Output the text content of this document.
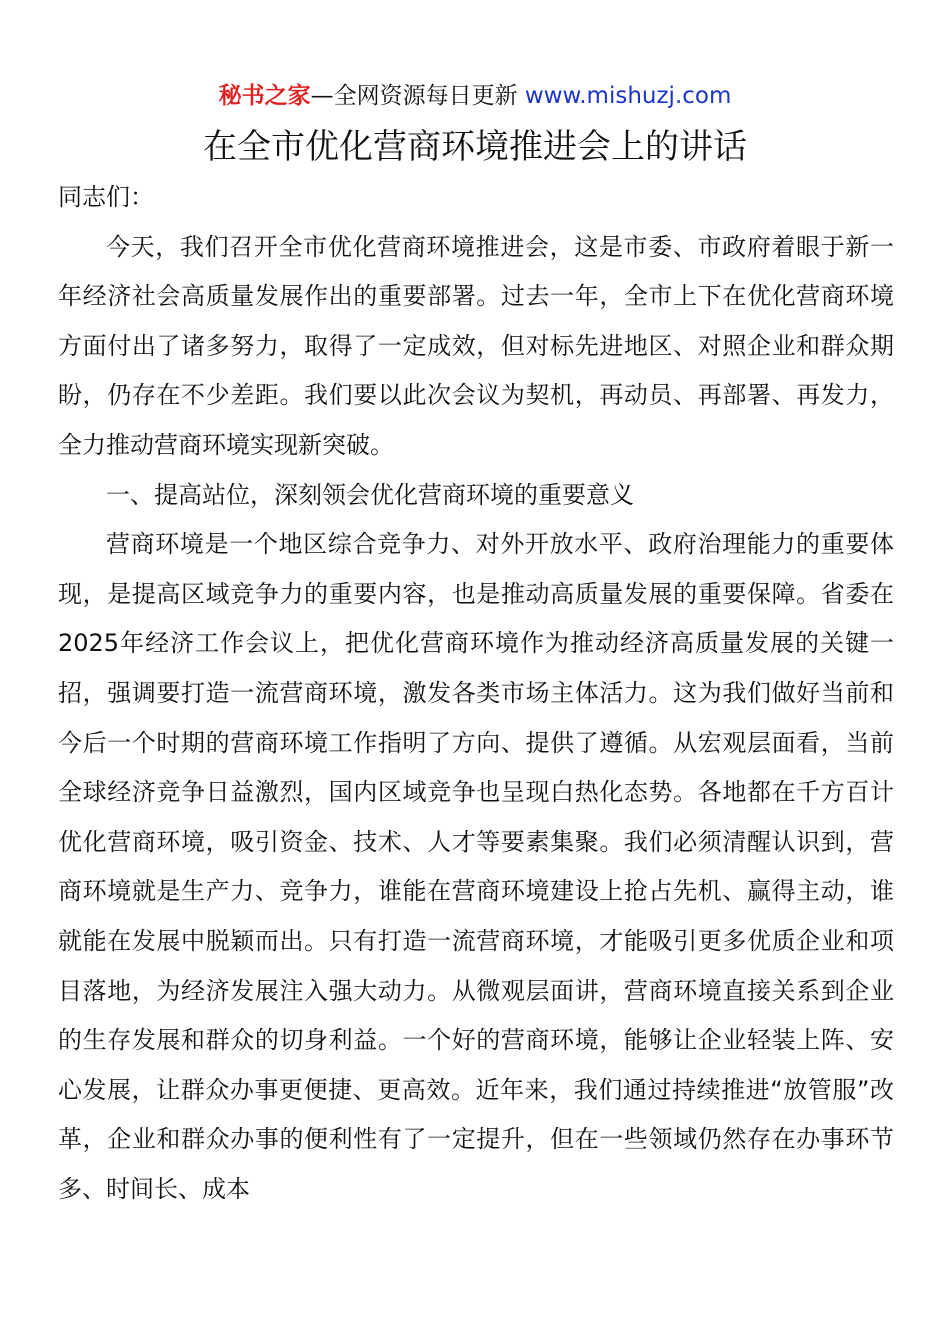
秘书之家—全网资源每日更新 www.mishuzj.com
在全市优化营商环境推进会上的讲话

同志们：

今天，我们召开全市优化营商环境推进会，这是市委、市政府着眼于新一年经济社会高质量发展作出的重要部署。过去一年，全市上下在优化营商环境方面付出了诸多努力，取得了一定成效，但对标先进地区、对照企业和群众期盼，仍存在不少差距。我们要以此次会议为契机，再动员、再部署、再发力，全力推动营商环境实现新突破。

一、提高站位，深刻领会优化营商环境的重要意义

营商环境是一个地区综合竞争力、对外开放水平、政府治理能力的重要体现，是提高区域竞争力的重要内容，也是推动高质量发展的重要保障。省委在2025年经济工作会议上，把优化营商环境作为推动经济高质量发展的关键一招，强调要打造一流营商环境，激发各类市场主体活力。这为我们做好当前和今后一个时期的营商环境工作指明了方向、提供了遵循。从宏观层面看，当前全球经济竞争日益激烈，国内区域竞争也呈现白热化态势。各地都在千方百计优化营商环境，吸引资金、技术、人才等要素集聚。我们必须清醒认识到，营商环境就是生产力、竞争力，谁能在营商环境建设上抢占先机、赢得主动，谁就能在发展中脱颖而出。只有打造一流营商环境，才能吸引更多优质企业和项目落地，为经济发展注入强大动力。从微观层面讲，营商环境直接关系到企业的生存发展和群众的切身利益。一个好的营商环境，能够让企业轻装上阵、安心发展，让群众办事更便捷、更高效。近年来，我们通过持续推进“放管服”改革，企业和群众办事的便利性有了一定提升，但在一些领域仍然存在办事环节多、时间长、成本
